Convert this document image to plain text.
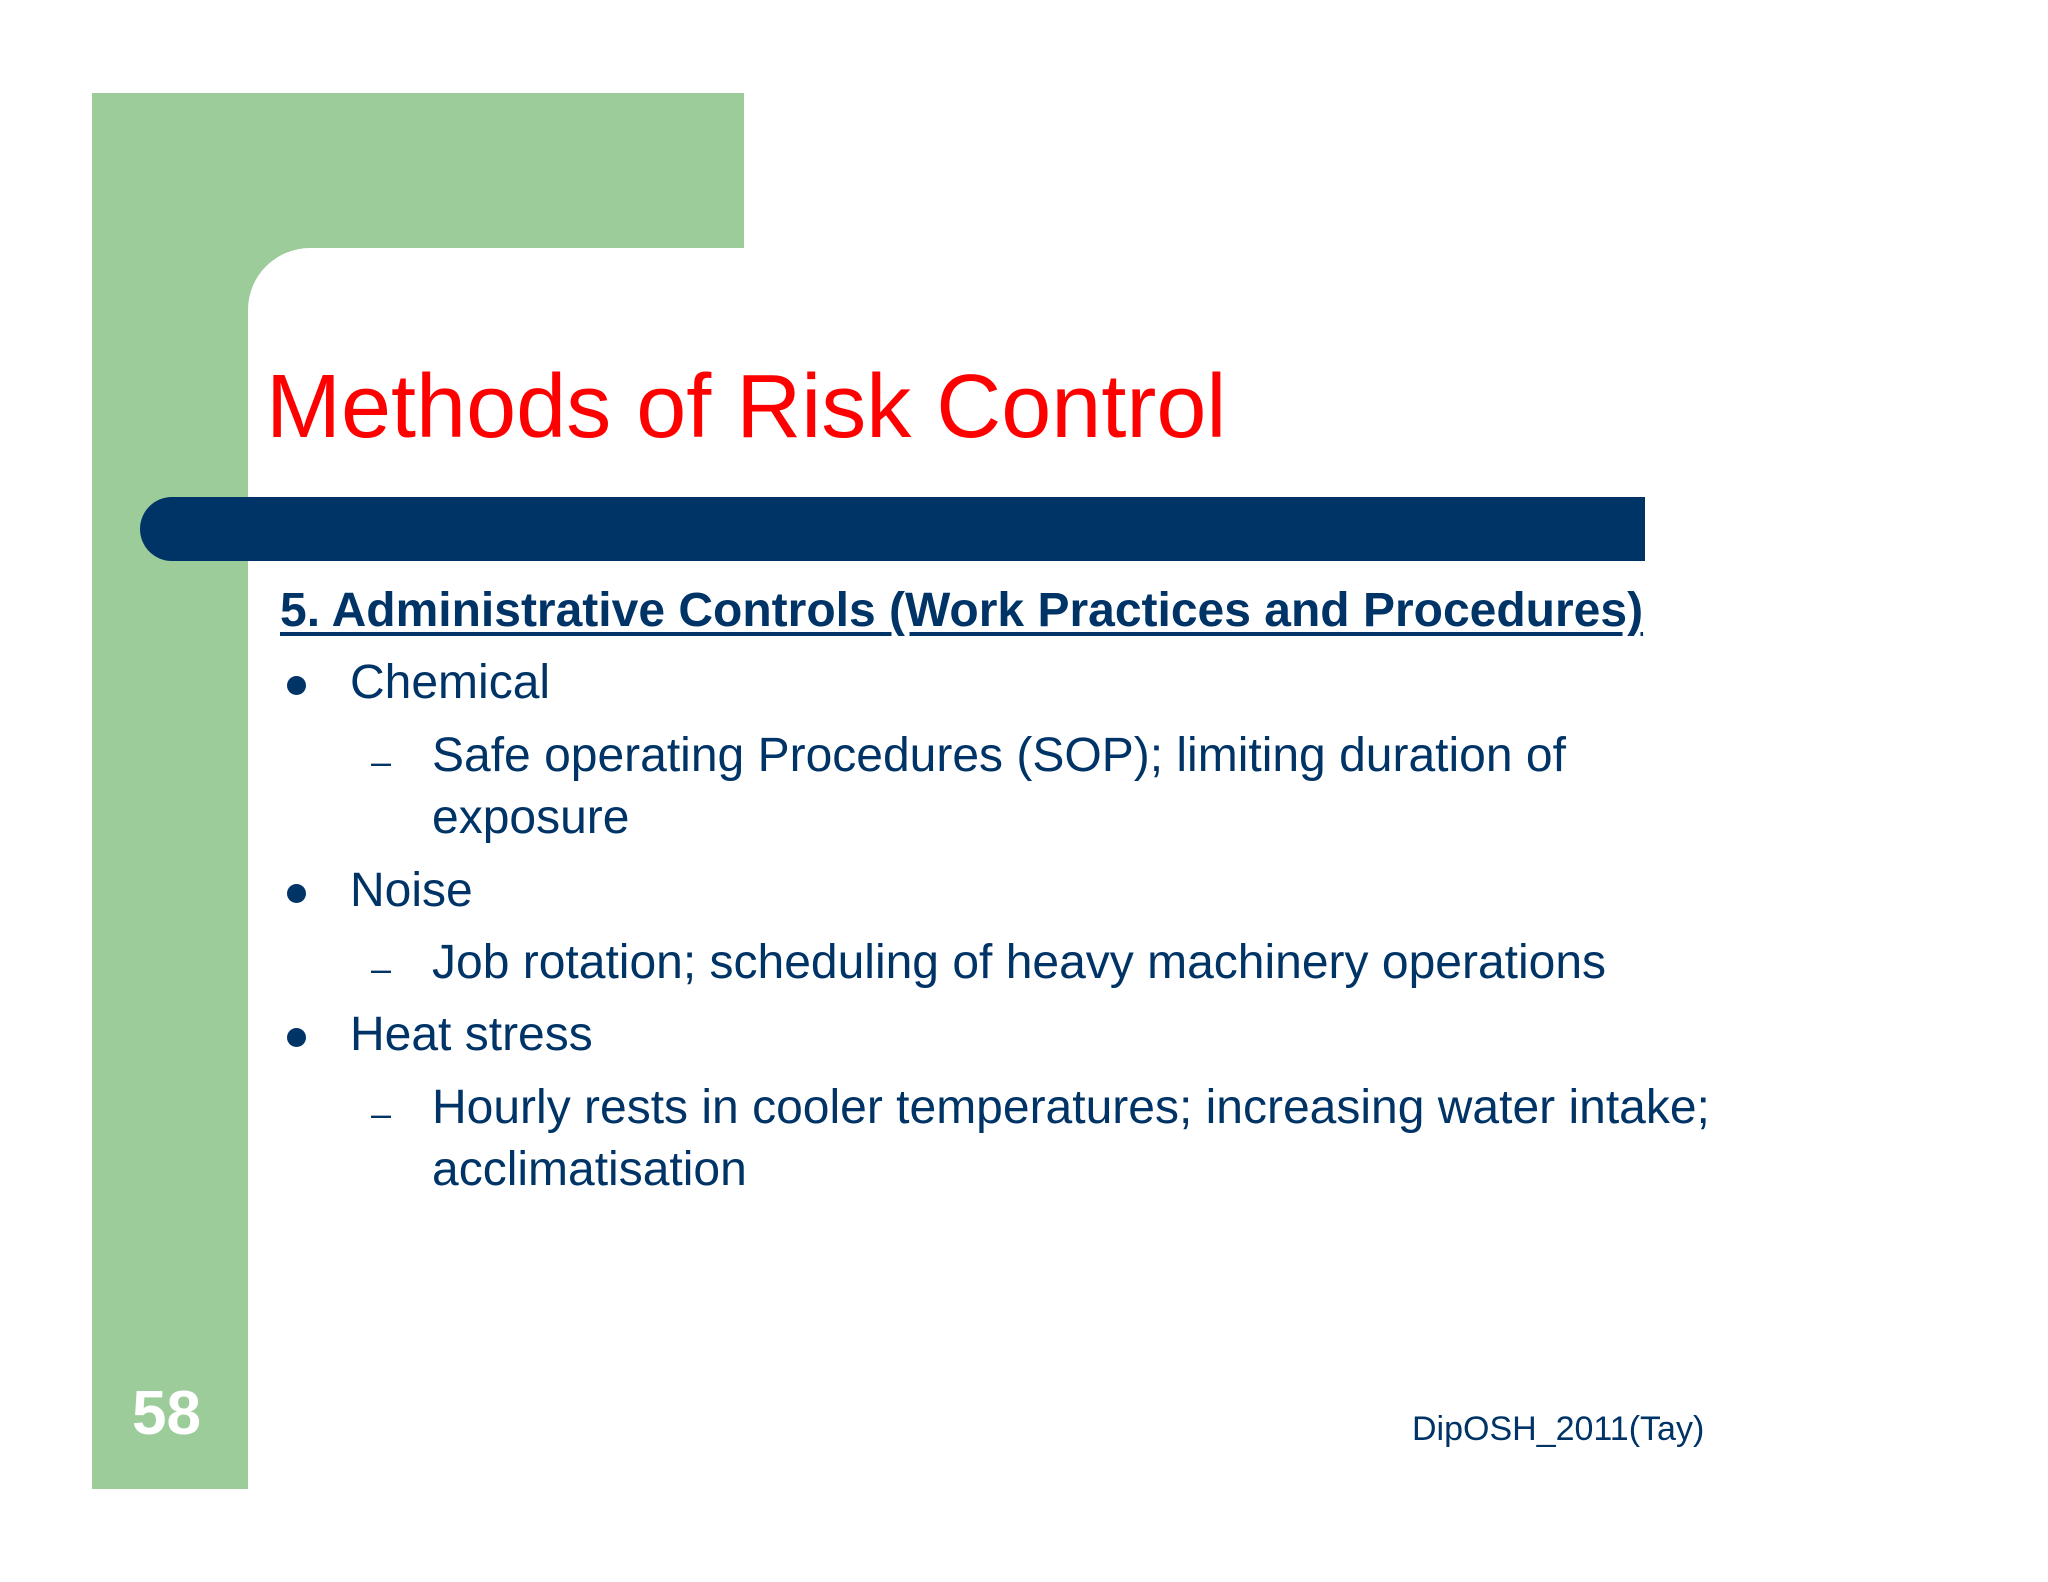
Methods of Risk Control
5. Administrative Controls (Work Practices and Procedures)
Chemical
– Safe operating Procedures (SOP); limiting duration of exposure
Noise
– Job rotation; scheduling of heavy machinery operations
Heat stress
– Hourly rests in cooler temperatures; increasing water intake; acclimatisation
58	DipOSH_2011(Tay)
